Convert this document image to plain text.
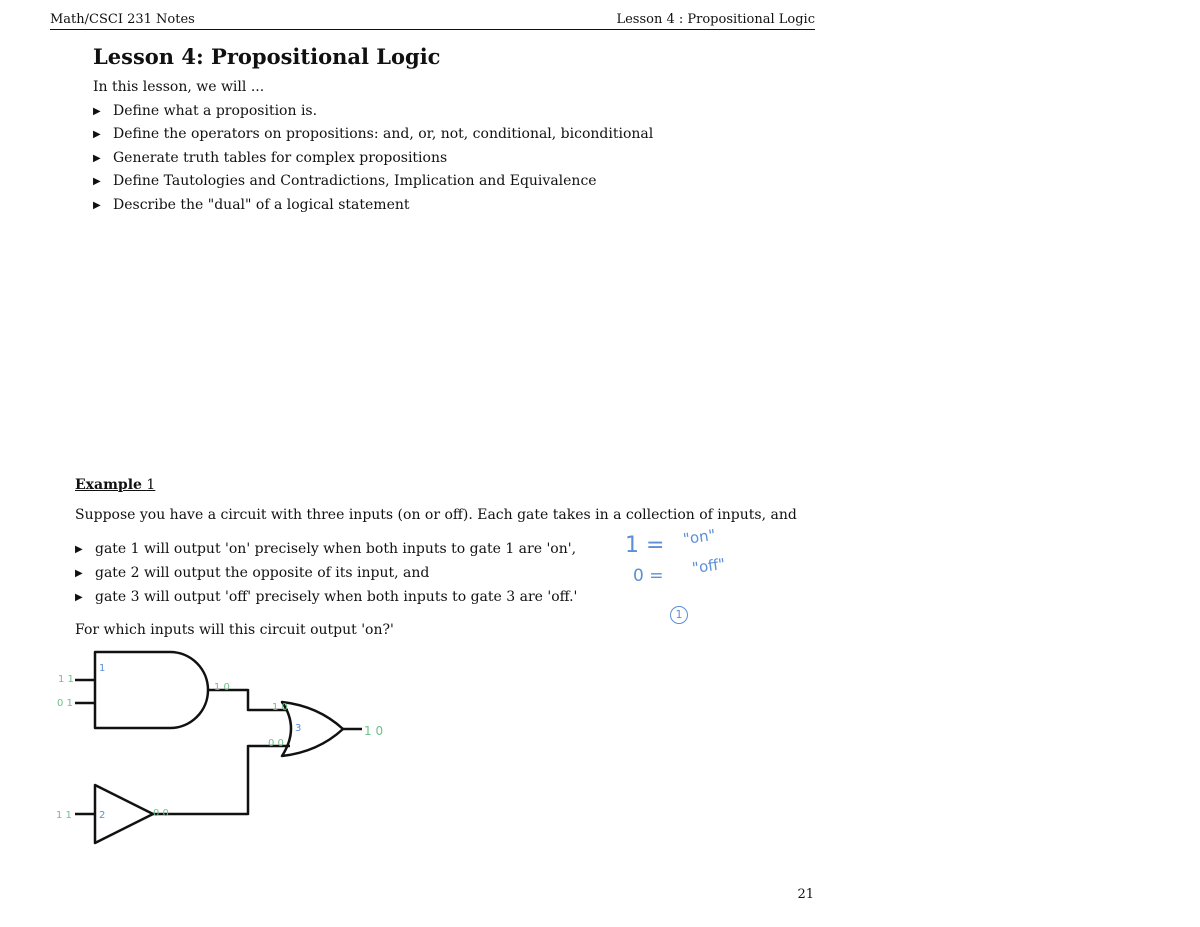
Math/CSCI 231 Notes	Lesson 4 : Propositional Logic
Lesson 4: Propositional Logic
In this lesson, we will ...
▶ Define what a proposition is.
▶ Define the operators on propositions: and, or, not, conditional, biconditional
▶ Generate truth tables for complex propositions
▶ Define Tautologies and Contradictions, Implication and Equivalence
▶ Describe the "dual" of a logical statement
Example 1
Suppose you have a circuit with three inputs (on or off). Each gate takes in a collection of inputs, and
▶ gate 1 will output 'on' precisely when both inputs to gate 1 are 'on',
▶ gate 2 will output the opposite of its input, and
▶ gate 3 will output 'off' precisely when both inputs to gate 3 are 'off.'
For which inputs will this circuit output 'on?'
1 = "on"
0 = "off"
1
1 1
0 1
1 1
1 0
0 0
1 0
0 0
1 0
1
2
3
21
